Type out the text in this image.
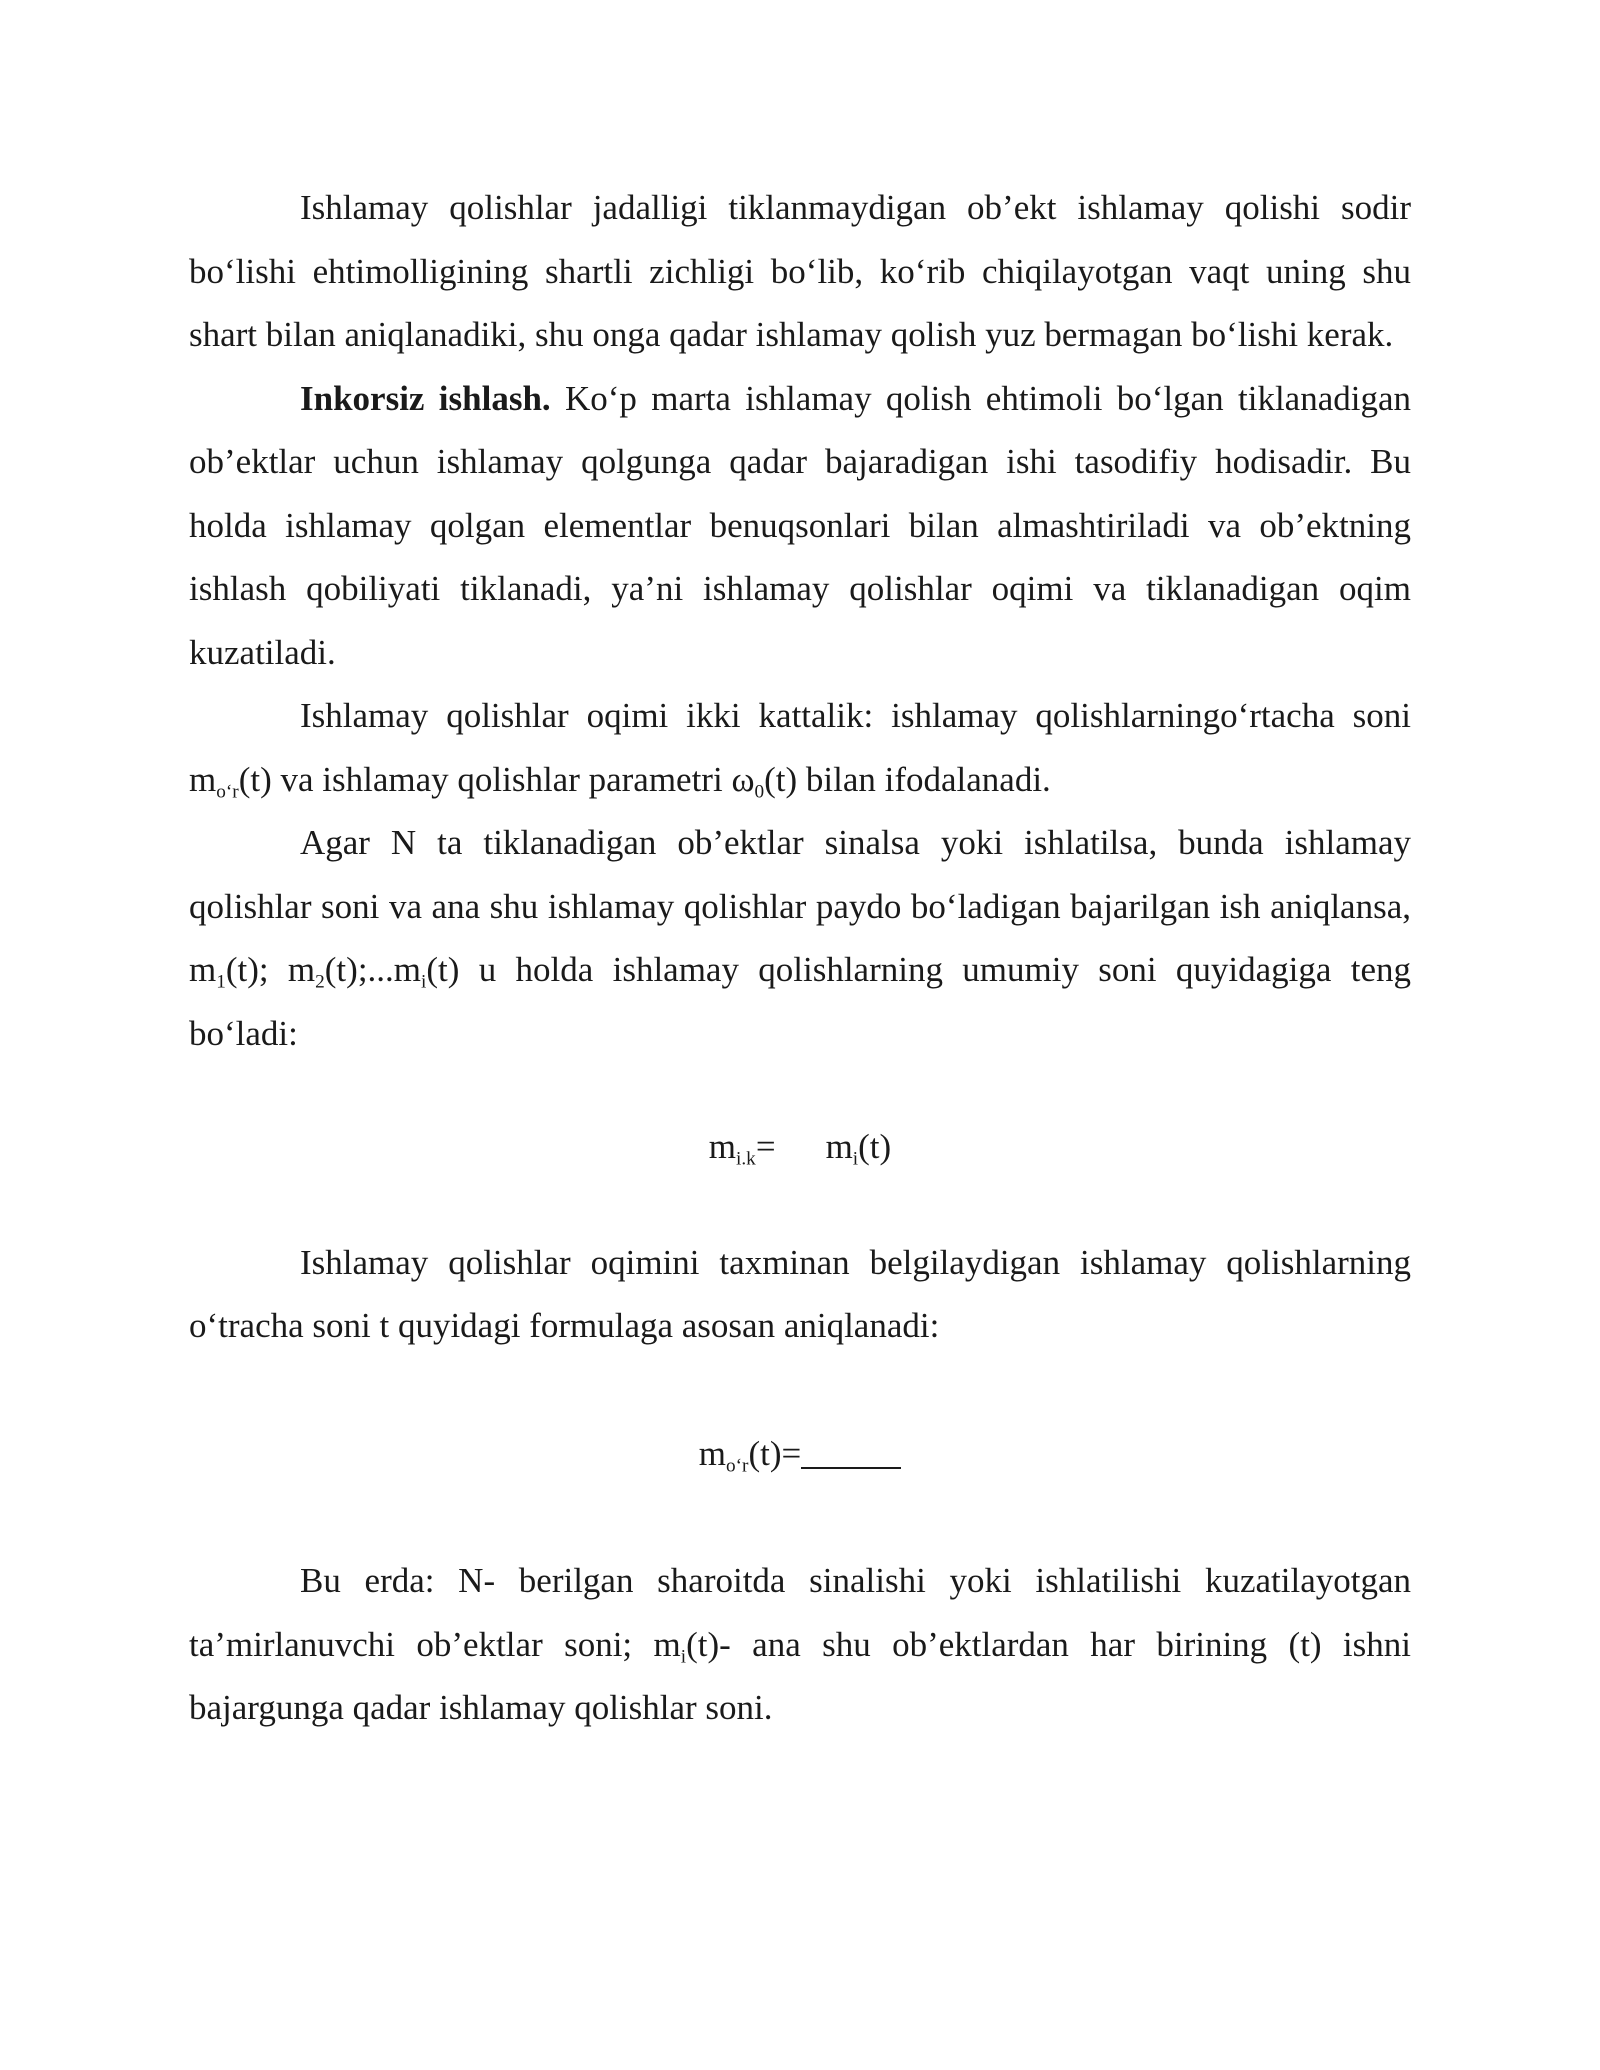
Ishlamay qolishlar jadalligi tiklanmaydigan ob’ekt ishlamay qolishi sodir bo‘lishi ehtimolligining shartli zichligi bo‘lib, ko‘rib chiqilayotgan vaqt uning shu shart bilan aniqlanadiki, shu onga qadar ishlamay qolish yuz bermagan bo‘lishi kerak.

Inkorsiz ishlash. Ko‘p marta ishlamay qolish ehtimoli bo‘lgan tiklanadigan ob’ektlar uchun ishlamay qolgunga qadar bajaradigan ishi tasodifiy hodisadir. Bu holda ishlamay qolgan elementlar benuqsonlari bilan almashtiriladi va ob’ektning ishlash qobiliyati tiklanadi, ya’ni ishlamay qolishlar oqimi va tiklanadigan oqim kuzatiladi.

Ishlamay qolishlar oqimi ikki kattalik: ishlamay qolishlarningo‘rtacha soni $m_{o‘r}(t)$ va ishlamay qolishlar parametri $\omega_0(t)$ bilan ifodalanadi.

Agar N ta tiklanadigan ob’ektlar sinalsa yoki ishlatilsa, bunda ishlamay qolishlar soni va ana shu ishlamay qolishlar paydo bo‘ladigan bajarilgan ish aniqlansa, $m_1(t)$; $m_2(t);...m_i(t)$ u holda ishlamay qolishlarning umumiy soni quyidagiga teng bo‘ladi:

$m_{i.k}= m_i(t)$

Ishlamay qolishlar oqimini taxminan belgilaydigan ishlamay qolishlarning o‘tracha soni t quyidagi formulaga asosan aniqlanadi:

$m_{o‘r}(t)=$

Bu erda: N- berilgan sharoitda sinalishi yoki ishlatilishi kuzatilayotgan ta’mirlanuvchi ob’ektlar soni; $m_i(t)-$ ana shu ob’ektlardan har birining (t) ishni bajargunga qadar ishlamay qolishlar soni.
